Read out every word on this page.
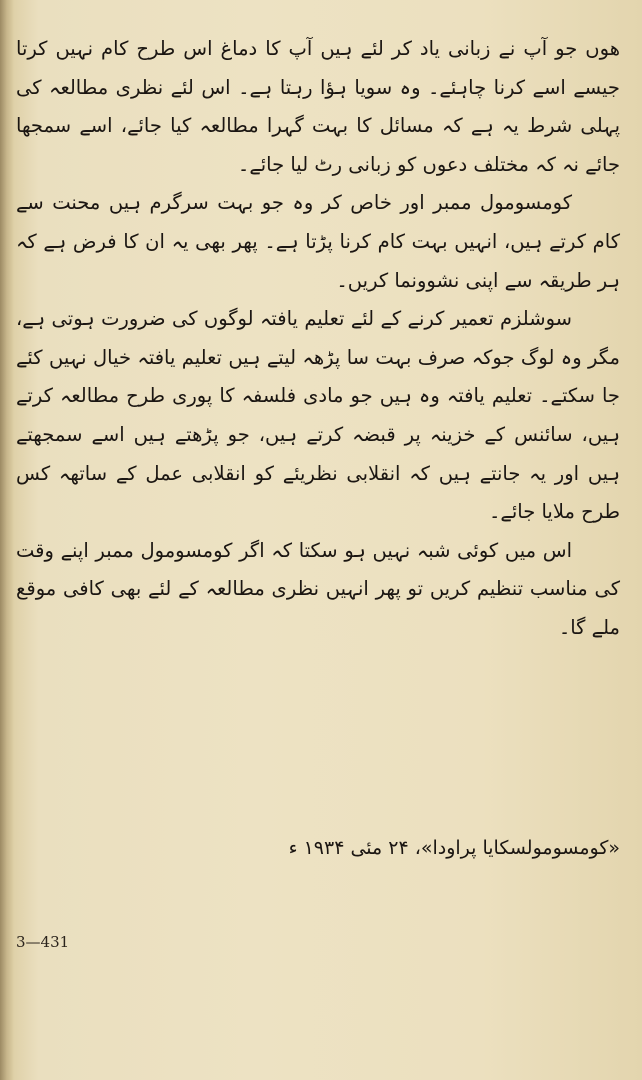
هوں جو آپ نے زبانی یاد کر لئے ہیں آپ کا دماغ اس طرح کام نہیں کرتا جیسے اسے کرنا چاہئے۔ وہ سویا ہؤا رہتا ہے۔ اس لئے نظری مطالعہ کی پہلی شرط یہ ہے کہ مسائل کا بہت گہرا مطالعہ کیا جائے، اسے سمجھا جائے نہ کہ مختلف دعوں کو زبانی رٹ لیا جائے۔

کومسومول ممبر اور خاص کر وہ جو بہت سرگرم ہیں محنت سے کام کرتے ہیں، انہیں بہت کام کرنا پڑتا ہے۔ پھر بھی یہ ان کا فرض ہے کہ ہر طریقہ سے اپنی نشوونما کریں۔

سوشلزم تعمیر کرنے کے لئے تعلیم یافتہ لوگوں کی ضرورت ہوتی ہے، مگر وہ لوگ جوکہ صرف بہت سا پڑھہ لیتے ہیں تعلیم یافتہ خیال نہیں کئے جا سکتے۔ تعلیم یافتہ وہ ہیں جو مادی فلسفہ کا پوری طرح مطالعہ کرتے ہیں، سائنس کے خزینہ پر قبضہ کرتے ہیں، جو پڑھتے ہیں اسے سمجھتے ہیں اور یہ جانتے ہیں کہ انقلابی نظریئے کو انقلابی عمل کے ساتھہ کس طرح ملایا جائے۔

اس میں کوئی شبہ نہیں ہو سکتا کہ اگر کومسومول ممبر اپنے وقت کی مناسب تنظیم کریں تو پھر انہیں نظری مطالعہ کے لئے بھی کافی موقع ملے گا۔

«کومسومولسکایا پراودا»، ۲۴ مئی ۱۹۳۴ ء
3—431
